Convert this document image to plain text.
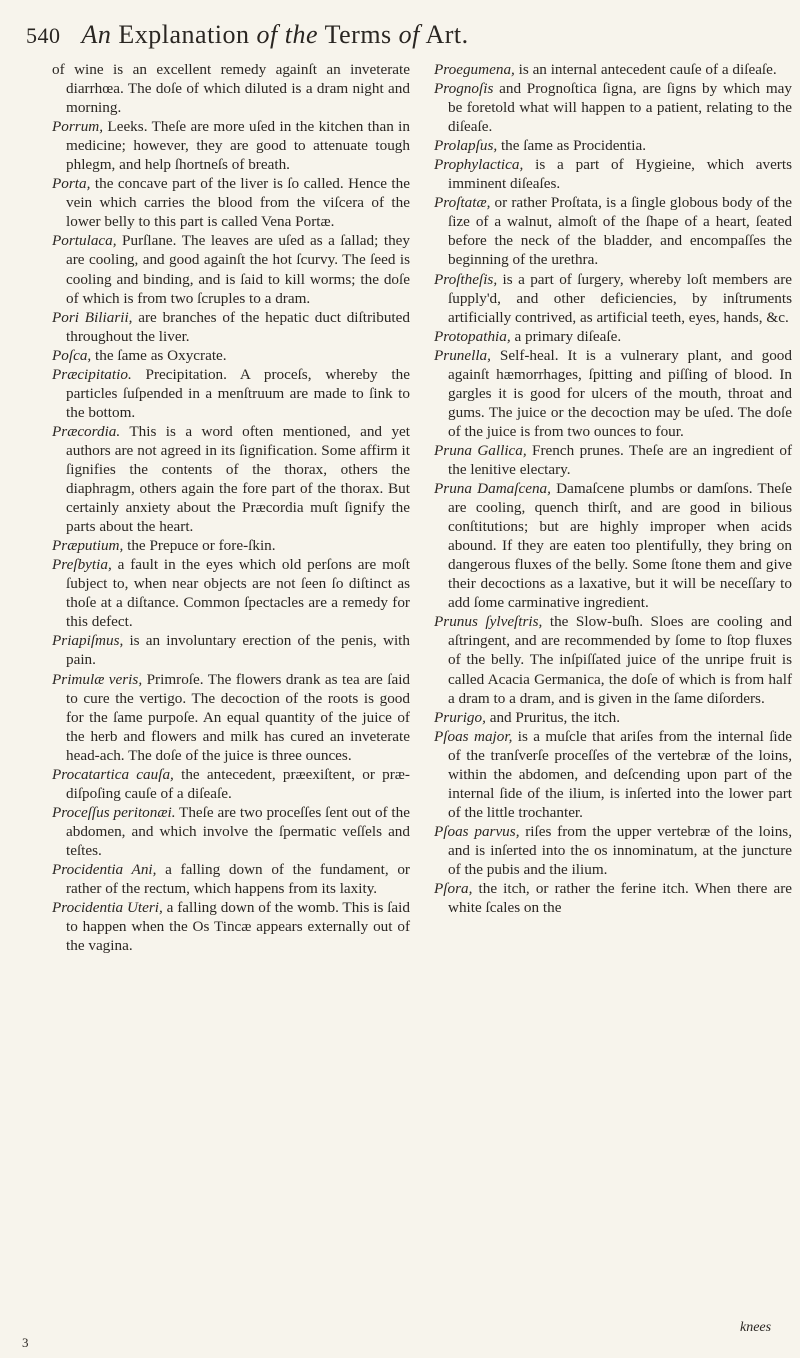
540 An Explanation of the Terms of Art.

of wine is an excellent remedy againſt an inveterate diarrhœa. The doſe of which diluted is a dram night and morning.

Porrum, Leeks. Theſe are more uſed in the kitchen than in medicine; however, they are good to attenuate tough phlegm, and help ſhortneſs of breath.

Porta, the concave part of the liver is ſo called. Hence the vein which carries the blood from the viſcera of the lower belly to this part is called Vena Portæ.

Portulaca, Purſlane. The leaves are uſed as a ſallad; they are cooling, and good againſt the hot ſcurvy. The ſeed is cooling and binding, and is ſaid to kill worms; the doſe of which is from two ſcruples to a dram.

Pori Biliarii, are branches of the hepatic duct diſtributed throughout the liver.

Poſca, the ſame as Oxycrate.

Præcipitatio. Precipitation. A proceſs, whereby the particles ſuſpended in a menſtruum are made to ſink to the bottom.

Præcordia. This is a word often mentioned, and yet authors are not agreed in its ſignification. Some affirm it ſignifies the contents of the thorax, others the diaphragm, others again the fore part of the thorax. But certainly anxiety about the Præcordia muſt ſignify the parts about the heart.

Præputium, the Prepuce or fore-ſkin.

Preſbytia, a fault in the eyes which old perſons are moſt ſubject to, when near objects are not ſeen ſo diſtinct as thoſe at a diſtance. Common ſpectacles are a remedy for this defect.

Priapiſmus, is an involuntary erection of the penis, with pain.

Primulæ veris, Primroſe. The flowers drank as tea are ſaid to cure the vertigo. The decoction of the roots is good for the ſame purpoſe. An equal quantity of the juice of the herb and flowers and milk has cured an inveterate head-ach. The doſe of the juice is three ounces.

Procatartica cauſa, the antecedent, præexiſtent, or præ-diſpoſing cauſe of a diſeaſe.

Proceſſus peritonæi. Theſe are two proceſſes ſent out of the abdomen, and which involve the ſpermatic veſſels and teſtes.

Procidentia Ani, a falling down of the fundament, or rather of the rectum, which happens from its laxity.

Procidentia Uteri, a falling down of the womb. This is ſaid to happen when the Os Tincæ appears externally out of the vagina.

Proegumena, is an internal antecedent cauſe of a diſeaſe.

Prognoſis and Prognoſtica ſigna, are ſigns by which may be foretold what will happen to a patient, relating to the diſeaſe.

Prolapſus, the ſame as Procidentia.

Prophylactica, is a part of Hygieine, which averts imminent diſeaſes.

Proſtatæ, or rather Proſtata, is a ſingle globous body of the ſize of a walnut, almoſt of the ſhape of a heart, ſeated before the neck of the bladder, and encompaſſes the beginning of the urethra.

Proſtheſis, is a part of ſurgery, whereby loſt members are ſupply'd, and other deficiencies, by inſtruments artificially contrived, as artificial teeth, eyes, hands, &c.

Protopathia, a primary diſeaſe.

Prunella, Self-heal. It is a vulnerary plant, and good againſt hæmorrhages, ſpitting and piſſing of blood. In gargles it is good for ulcers of the mouth, throat and gums. The juice or the decoction may be uſed. The doſe of the juice is from two ounces to four.

Pruna Gallica, French prunes. Theſe are an ingredient of the lenitive electary.

Pruna Damaſcena, Damaſcene plumbs or damſons. Theſe are cooling, quench thirſt, and are good in bilious conſtitutions; but are highly improper when acids abound. If they are eaten too plentifully, they bring on dangerous fluxes of the belly. Some ſtone them and give their decoctions as a laxative, but it will be neceſſary to add ſome carminative ingredient.

Prunus ſylveſtris, the Slow-buſh. Sloes are cooling and aſtringent, and are recommended by ſome to ſtop fluxes of the belly. The inſpiſſated juice of the unripe fruit is called Acacia Germanica, the doſe of which is from half a dram to a dram, and is given in the ſame diſorders.

Prurigo, and Pruritus, the itch.

Pſoas major, is a muſcle that ariſes from the internal ſide of the tranſverſe proceſſes of the vertebræ of the loins, within the abdomen, and deſcending upon part of the internal ſide of the ilium, is inſerted into the lower part of the little trochanter.

Pſoas parvus, riſes from the upper vertebræ of the loins, and is inſerted into the os innominatum, at the juncture of the pubis and the ilium.

Pſora, the itch, or rather the ferine itch. When there are white ſcales on the

knees
3
